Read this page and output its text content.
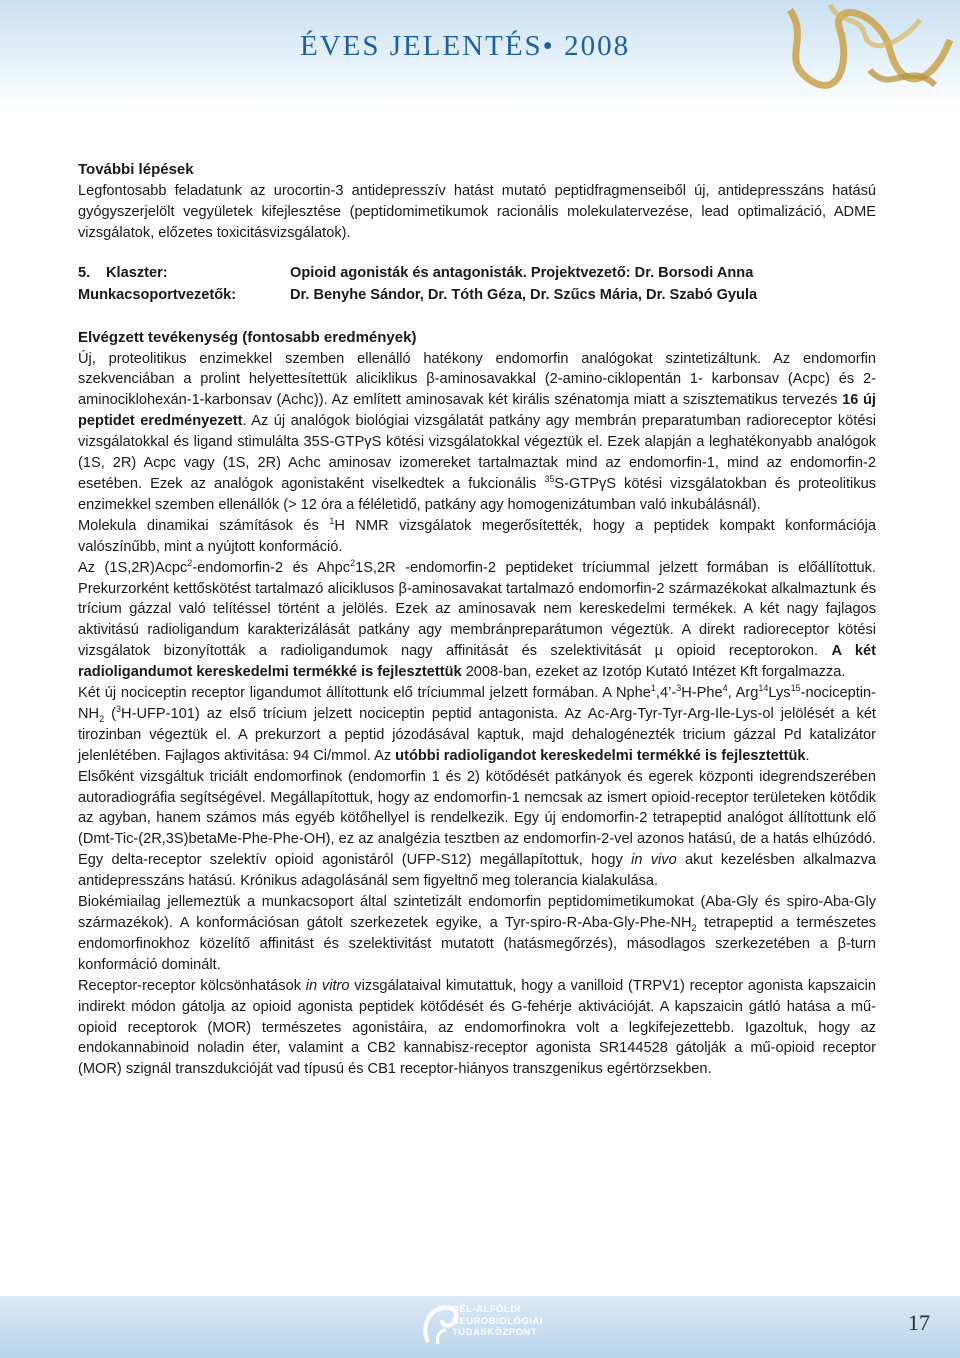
ÉVES JELENTÉS• 2008

További lépések

Legfontosabb feladatunk az urocortin-3 antidepresszív hatást mutató peptidfragmenseiből új, antidepresszáns hatású gyógyszerjelölt vegyületek kifejlesztése (peptidomimetikumok racionális molekulatervezése, lead optimalizáció, ADME vizsgálatok, előzetes toxicitásvizsgálatok).

5. Klaszter:	Opioid agonisták és antagonisták. Projektvezető: Dr. Borsodi Anna
Munkacsoportvezetők:	Dr. Benyhe Sándor, Dr. Tóth Géza, Dr. Szűcs Mária, Dr. Szabó Gyula

Elvégzett tevékenység (fontosabb eredmények)

Új, proteolitikus enzimekkel szemben ellenálló hatékony endomorfin analógokat szintetizáltunk. Az endomorfin szekvenciában a prolint helyettesítettük aliciklikus β-aminosavakkal (2-amino-ciklopentán 1- karbonsav (Acpc) és 2-aminociklohexán-1-karbonsav (Achc)). Az említett aminosavak két királis szénatomja miatt a szisztematikus tervezés 16 új peptidet eredményezett. Az új analógok biológiai vizsgálatát patkány agy membrán preparatumban radioreceptor kötési vizsgálatokkal és ligand stimulálta 35S-GTPγS kötési vizsgálatokkal végeztük el. Ezek alapján a leghatékonyabb analógok (1S, 2R) Acpc vagy (1S, 2R) Achc aminosav izomereket tartalmaztak mind az endomorfin-1, mind az endomorfin-2 esetében. Ezek az analógok agonistaként viselkedtek a fukcionális $^{35}$S-GTPγS kötési vizsgálatokban és proteolitikus enzimekkel szemben ellenállók (> 12 óra a féléletidő, patkány agy homogenizátumban való inkubálásnál).

Molekula dinamikai számítások és $^1$H NMR vizsgálatok megerősítették, hogy a peptidek kompakt konformációja valószínűbb, mint a nyújtott konformáció.

Az (1S,2R)Acpc$^2$-endomorfin-2 és Ahpc$^2$1S,2R -endomorfin-2 peptideket tríciummal jelzett formában is előállítottuk. Prekurzorként kettőskötést tartalmazó aliciklusos β-aminosavakat tartalmazó endomorfin-2 származékokat alkalmaztunk és trícium gázzal való telítéssel történt a jelölés. Ezek az aminosavak nem kereskedelmi termékek. A két nagy fajlagos aktivitású radioligandum karakterizálását patkány agy membránpreparátumon végeztük. A direkt radioreceptor kötési vizsgálatok bizonyították a radioligandumok nagy affinitását és szelektivitását µ opioid receptorokon. A két radioligandumot kereskedelmi termékké is fejlesztettük 2008-ban, ezeket az Izotóp Kutató Intézet Kft forgalmazza.

Két új nociceptin receptor ligandumot állítottunk elő tríciummal jelzett formában. A Nphe$^1$,4’-$^3$H-Phe$^4$, $Arg^{14}Lys^{15}-nociceptin-NH_2$ ($^3$H-UFP-101) az első trícium jelzett nociceptin peptid antagonista. Az Ac-Arg-Tyr-Tyr-Arg-Ile-Lys-ol jelölését a két tirozinban végeztük el. A prekurzort a peptid józodásával kaptuk, majd dehalogénezték tricium gázzal Pd katalizátor jelenlétében. Fajlagos aktivitása: 94 Ci/mmol. Az utóbbi radioligandot kereskedelmi termékké is fejlesztettük.

Elsőként vizsgáltuk triciált endomorfinok (endomorfin 1 és 2) kötődését patkányok és egerek központi idegrendszerében autoradiográfia segítségével. Megállapítottuk, hogy az endomorfin-1 nemcsak az ismert opioid-receptor területeken kötődik az agyban, hanem számos más egyéb kötőhellyel is rendelkezik. Egy új endomorfin-2 tetrapeptid analógot állítottunk elő (Dmt-Tic-(2R,3S)betaMe-Phe-Phe-OH), ez az analgézia tesztben az endomorfin-2-vel azonos hatású, de a hatás elhúzódó. Egy delta-receptor szelektív opioid agonistáról (UFP-S12) megállapítottuk, hogy in vivo akut kezelésben alkalmazva antidepresszáns hatású. Krónikus adagolásánál sem figyeltnő meg tolerancia kialakulása.

Biokémiailag jellemeztük a munkacsoport által szintetizált endomorfin peptidomimetikumokat (Aba-Gly és spiro-Aba-Gly származékok). A konformációsan gátolt szerkezetek egyike, a Tyr-$spiro-R-Aba-Gly-Phe-NH_2$ tetrapeptid a természetes endomorfinokhoz közelítő affinitást és szelektivitást mutatott (hatásmegőrzés), másodlagos szerkezetében a β-turn konformáció dominált.

Receptor-receptor kölcsönhatások in vitro vizsgálataival kimutattuk, hogy a vanilloid (TRPV1) receptor agonista kapszaicin indirekt módon gátolja az opioid agonista peptidek kötődését és G-fehérje aktivációját. A kapszaicin gátló hatása a mű-opioid receptorok (MOR) természetes agonistáira, az endomorfinokra volt a legkifejezettebb. Igazoltuk, hogy az endokannabinoid noladin éter, valamint a CB2 kannabisz-receptor agonista SR144528 gátolják a mű-opioid receptor (MOR) szignál transzdukcióját vad típusú és CB1 receptor-hiányos transzgenikus egértörzsekben.

DÉL-ALFÖLDI
NEUROBIOLÓGIAI
TUDÁSKÖZPONT	17
